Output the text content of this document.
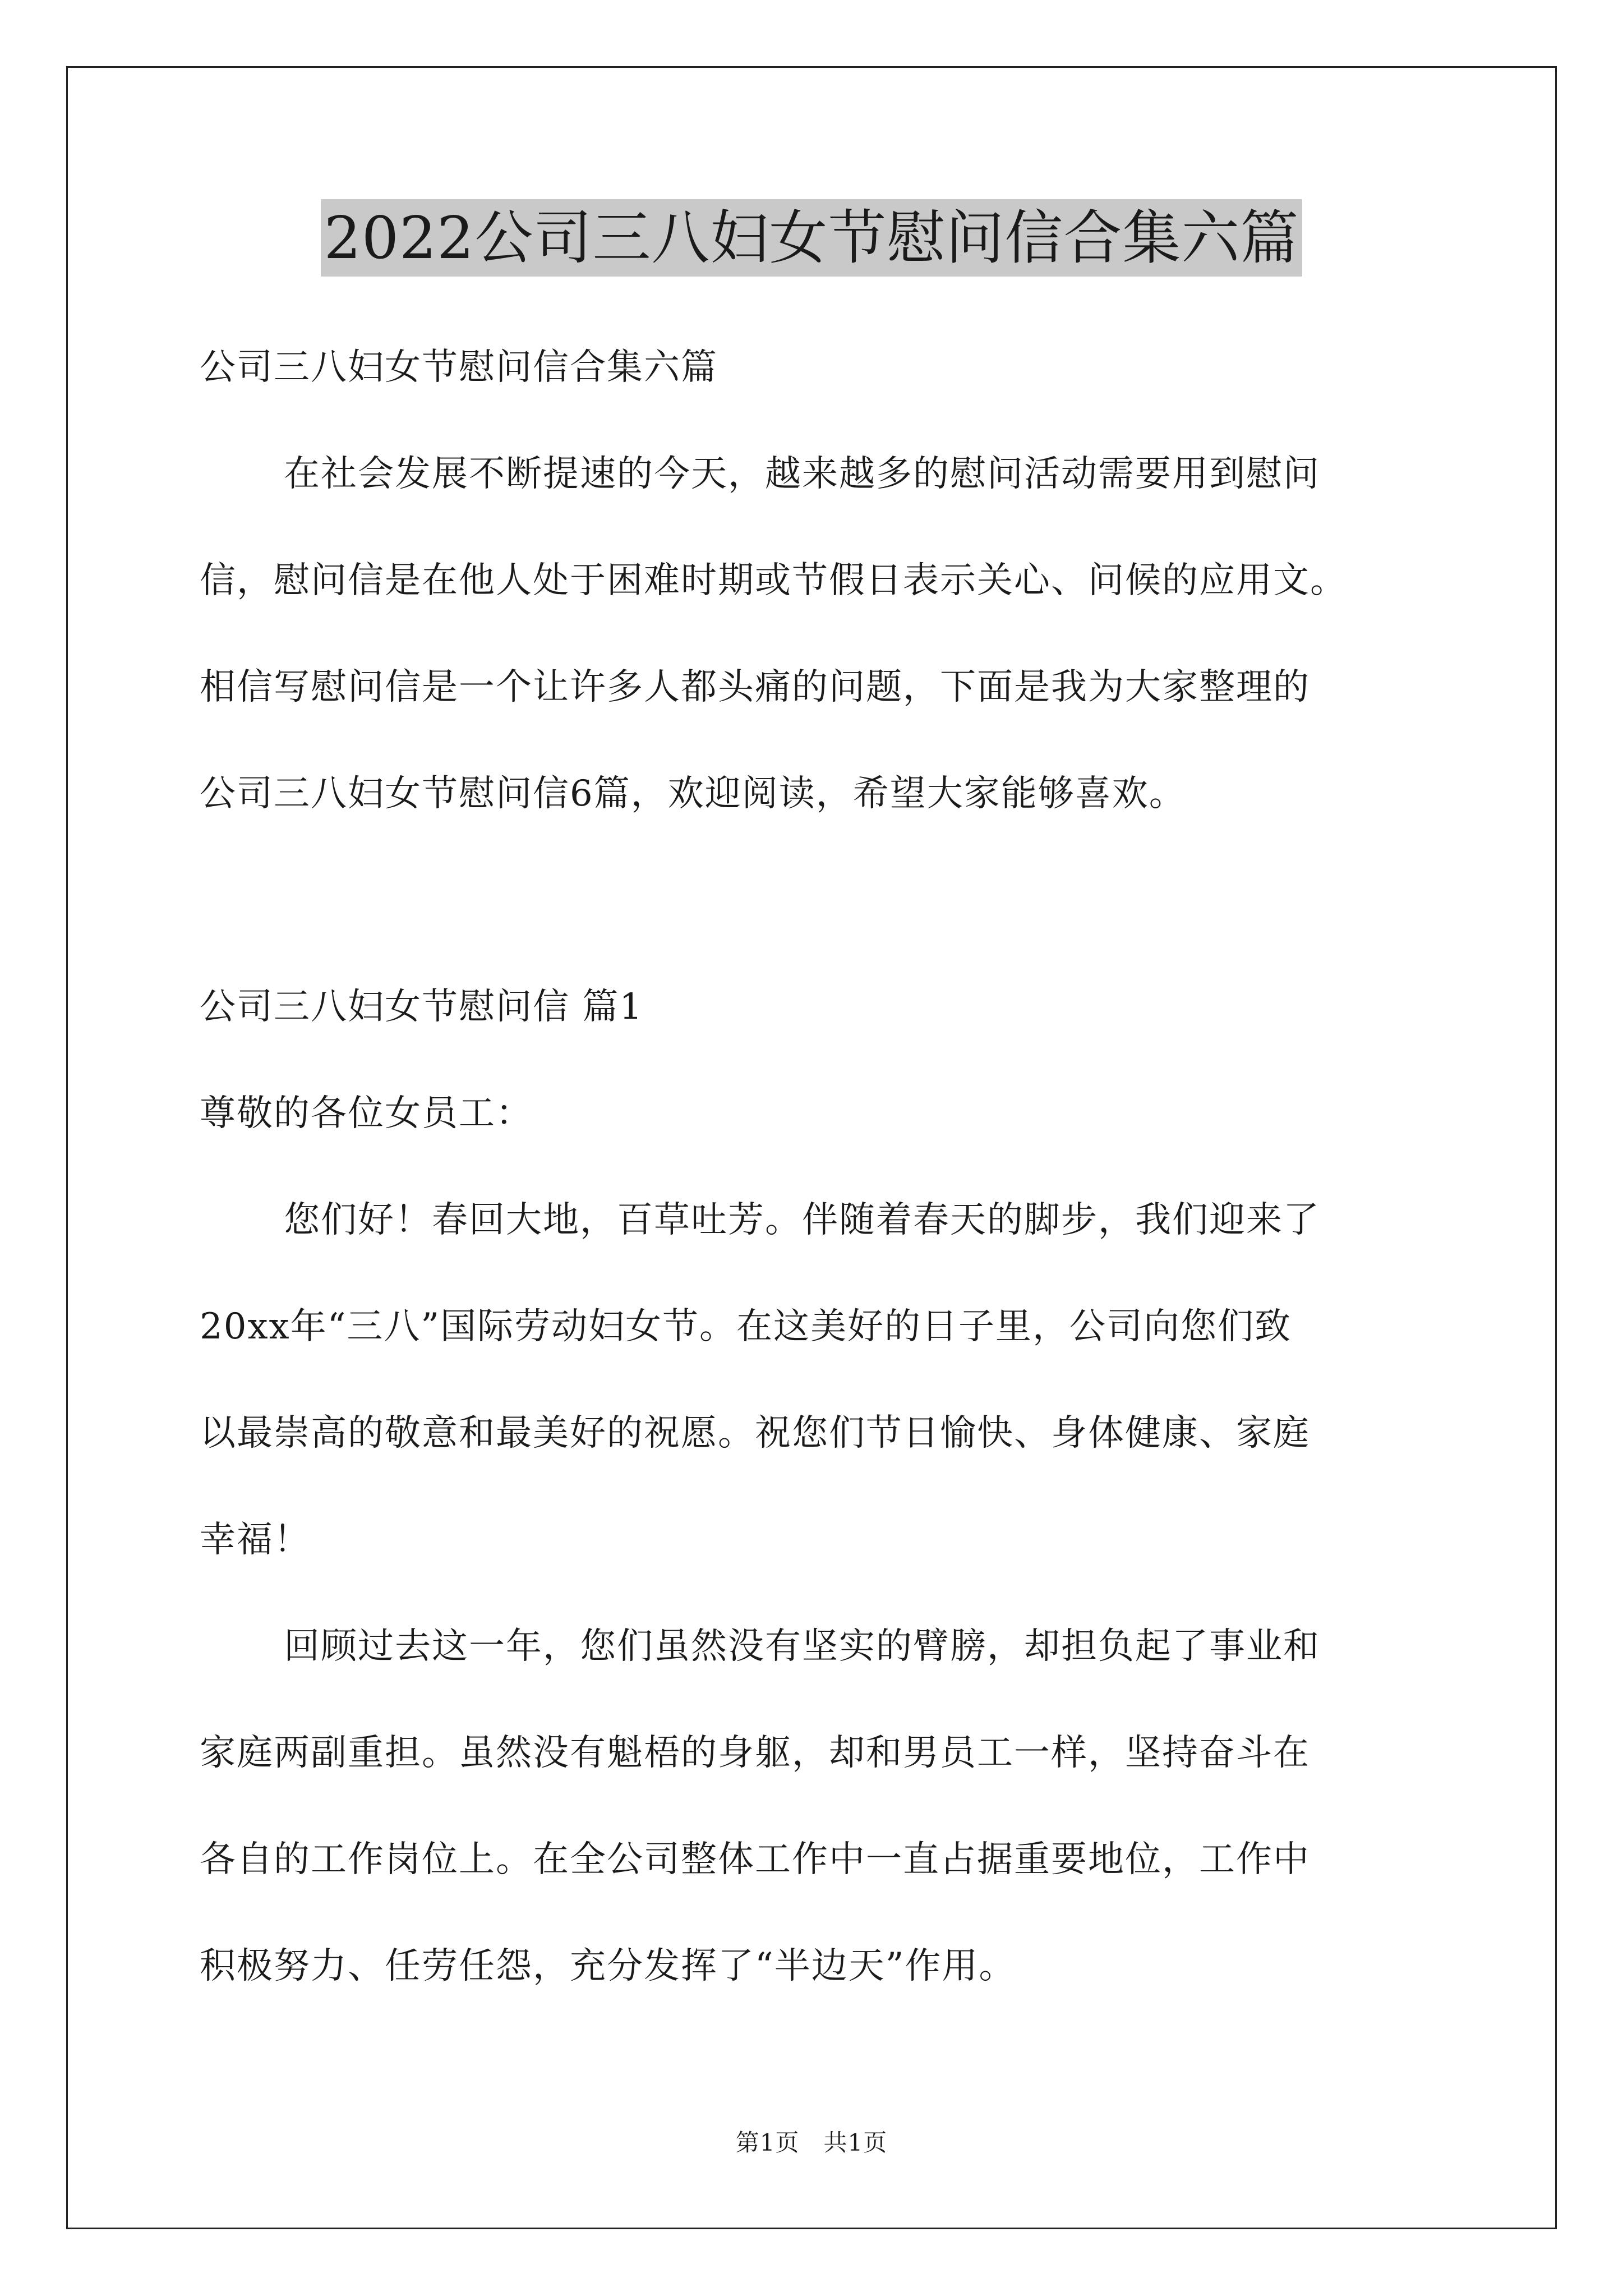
2022公司三八妇女节慰问信合集六篇
公司三八妇女节慰问信合集六篇
在社会发展不断提速的今天，越来越多的慰问活动需要用到慰问
信，慰问信是在他人处于困难时期或节假日表示关心、问候的应用文。
相信写慰问信是一个让许多人都头痛的问题，下面是我为大家整理的
公司三八妇女节慰问信6篇，欢迎阅读，希望大家能够喜欢。
公司三八妇女节慰问信 篇1
尊敬的各位女员工：
您们好！春回大地，百草吐芳。伴随着春天的脚步，我们迎来了
20xx年“三八”国际劳动妇女节。在这美好的日子里，公司向您们致
以最崇高的敬意和最美好的祝愿。祝您们节日愉快、身体健康、家庭
幸福！
回顾过去这一年，您们虽然没有坚实的臂膀，却担负起了事业和
家庭两副重担。虽然没有魁梧的身躯，却和男员工一样，坚持奋斗在
各自的工作岗位上。在全公司整体工作中一直占据重要地位，工作中
积极努力、任劳任怨，充分发挥了“半边天”作用。
第1页　共1页
